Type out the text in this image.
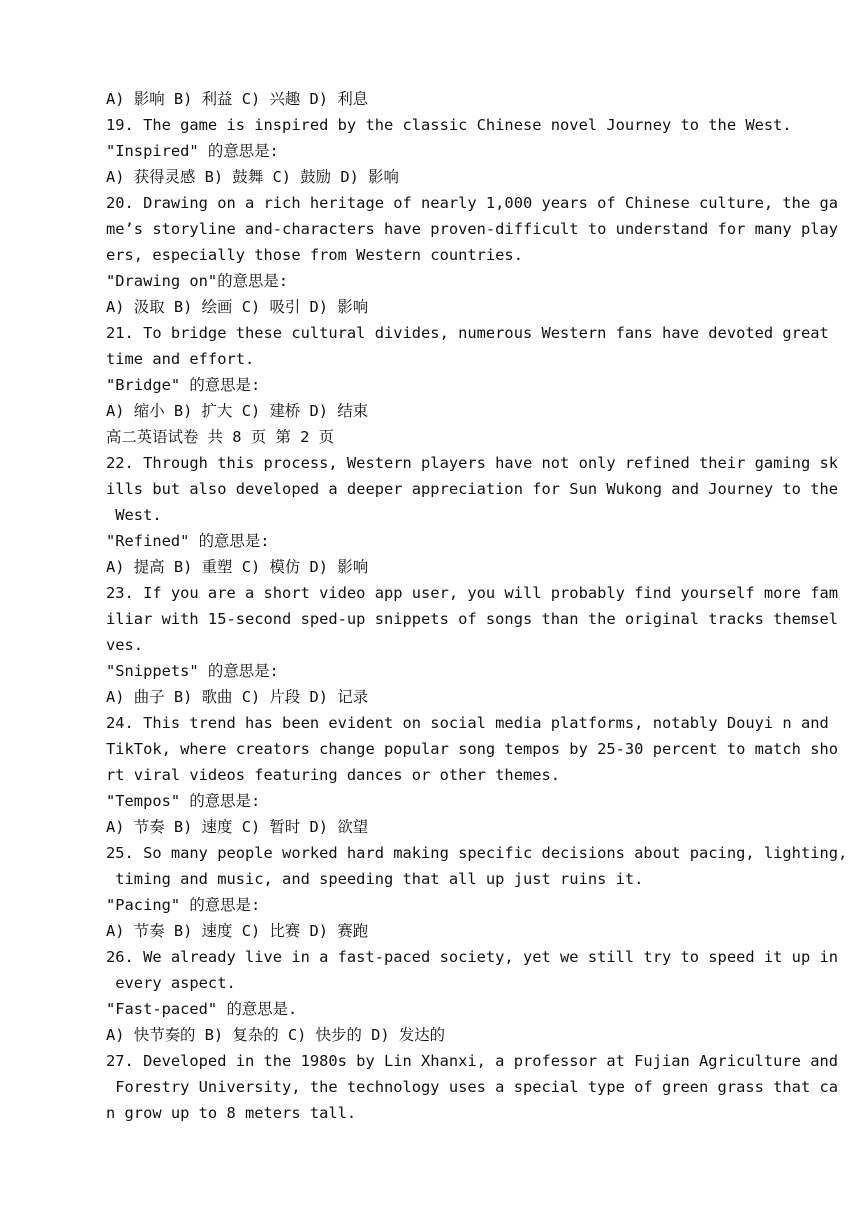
A) 影响 B) 利益 C) 兴趣 D) 利息
19. The game is inspired by the classic Chinese novel Journey to the West.
"Inspired" 的意思是:
A) 获得灵感 B) 鼓舞 C) 鼓励 D) 影响
20. Drawing on a rich heritage of nearly 1,000 years of Chinese culture, the ga
me’s storyline and-characters have proven-difficult to understand for many play
ers, especially those from Western countries.
"Drawing on"的意思是:
A) 汲取 B) 绘画 C) 吸引 D) 影响
21. To bridge these cultural divides, numerous Western fans have devoted great
time and effort.
"Bridge" 的意思是:
A) 缩小 B) 扩大 C) 建桥 D) 结束
高二英语试卷 共 8 页 第 2 页
22. Through this process, Western players have not only refined their gaming sk
ills but also developed a deeper appreciation for Sun Wukong and Journey to the
West.
"Refined" 的意思是:
A) 提高 B) 重塑 C) 模仿 D) 影响
23. If you are a short video app user, you will probably find yourself more fam
iliar with 15-second sped-up snippets of songs than the original tracks themsel
ves.
"Snippets" 的意思是:
A) 曲子 B) 歌曲 C) 片段 D) 记录
24. This trend has been evident on social media platforms, notably Douyi n and
TikTok, where creators change popular song tempos by 25-30 percent to match sho
rt viral videos featuring dances or other themes.
"Tempos" 的意思是:
A) 节奏 B) 速度 C) 暂时 D) 欲望
25. So many people worked hard making specific decisions about pacing, lighting,
timing and music, and speeding that all up just ruins it.
"Pacing" 的意思是:
A) 节奏 B) 速度 C) 比赛 D) 赛跑
26. We already live in a fast-paced society, yet we still try to speed it up in
every aspect.
"Fast-paced" 的意思是.
A) 快节奏的 B) 复杂的 C) 快步的 D) 发达的
27. Developed in the 1980s by Lin Xhanxi, a professor at Fujian Agriculture and
Forestry University, the technology uses a special type of green grass that ca
n grow up to 8 meters tall.
